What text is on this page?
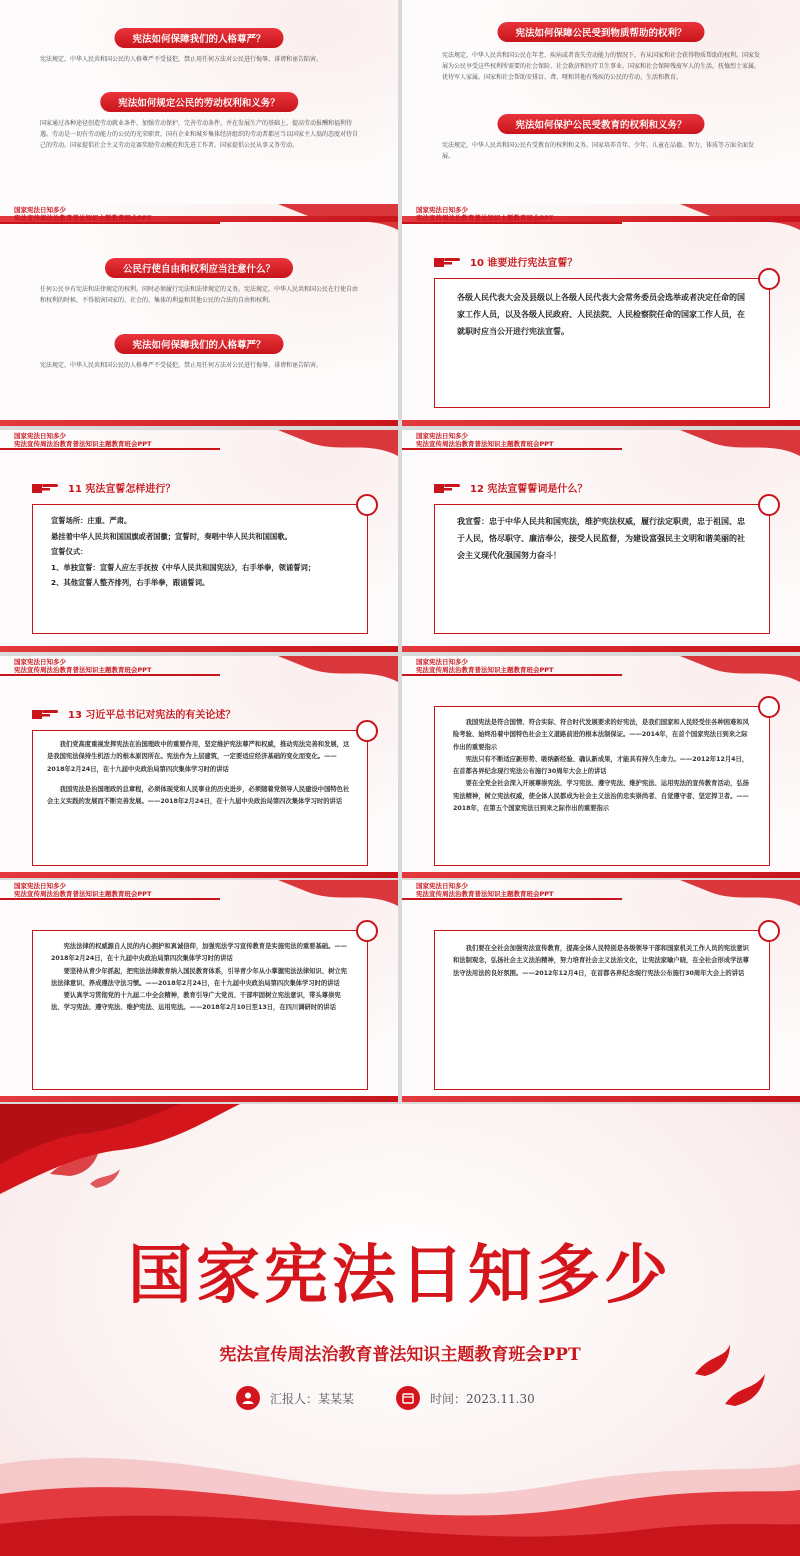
宪法如何保障我们的人格尊严？
宪法规定，中华人民共和国公民的人格尊严不受侵犯，禁止用任何方法对公民进行侮辱、诽谤和诬告陷害。
宪法如何规定公民的劳动权利和义务？
国家通过各种途径创造劳动就业条件，加强劳动保护，完善劳动条件，并在发展生产的基础上，提高劳动报酬和福利待遇。劳动是一切有劳动能力的公民的光荣职责。国有企业和城乡集体经济组织的劳动者都应当以国家主人翁的态度对待自己的劳动。国家提倡社会主义劳动竞赛奖励劳动模范和先进工作者。国家提倡公民从事义务劳动。
宪法如何保障公民受到物质帮助的权利？
宪法规定，中华人民共和国公民在年老、疾病或者丧失劳动能力的情况下，有从国家和社会获得物质帮助的权利。国家发展为公民享受这些权利所需要的社会保险、社会救济和医疗卫生事业。国家和社会保障残废军人的生活，抚恤烈士家属，优待军人家属。国家和社会帮助安排盲、聋、哑和其他有残疾的公民的劳动、生活和教育。
宪法如何保护公民受教育的权利和义务？
宪法规定，中华人民共和国公民有受教育的权利和义务。国家培养青年、少年、儿童在品德、智力、体质等方面全面发展。
国家宪法日知多少
宪法宣传周法治教育普法知识主题教育班会PPT
公民行使自由和权利应当注意什么？
任何公民享有宪法和法律规定的权利，同时必须履行宪法和法律规定的义务。宪法规定，中华人民共和国公民在行使自由和权利的时候，不得损害国家的、社会的、集体的利益和其他公民的合法的自由和权利。
宪法如何保障我们的人格尊严？
宪法规定，中华人民共和国公民的人格尊严不受侵犯，禁止用任何方法对公民进行侮辱、诽谤和诬告陷害。
国家宪法日知多少
宪法宣传周法治教育普法知识主题教育班会PPT
10 谁要进行宪法宣誓？
各级人民代表大会及县级以上各级人民代表大会常务委员会选举或者决定任命的国家工作人员，以及各级人民政府、人民法院、人民检察院任命的国家工作人员，在就职时应当公开进行宪法宣誓。
国家宪法日知多少
宪法宣传周法治教育普法知识主题教育班会PPT
11 宪法宣誓怎样进行？
宣誓场所：庄重、严肃。
悬挂着中华人民共和国国旗或者国徽；宣誓时，奏唱中华人民共和国国歌。
宣誓仪式：
1、单独宣誓：宣誓人应左手抚按《中华人民共和国宪法》，右手举拳，领诵誓词；
2、其他宣誓人整齐排列，右手举拳，跟诵誓词。
国家宪法日知多少
宪法宣传周法治教育普法知识主题教育班会PPT
12 宪法宣誓誓词是什么？
我宣誓：忠于中华人民共和国宪法，维护宪法权威，履行法定职责，忠于祖国、忠于人民，恪尽职守、廉洁奉公，接受人民监督，为建设富强民主文明和谐美丽的社会主义现代化强国努力奋斗！
国家宪法日知多少
宪法宣传周法治教育普法知识主题教育班会PPT
13 习近平总书记对宪法的有关论述？

我们党高度重视发挥宪法在治国理政中的重要作用，坚定维护宪法尊严和权威，推动宪法完善和发展，这是我国宪法保持生机活力的根本原因所在。宪法作为上层建筑，一定要适应经济基础的变化而变化。——2018年2月24日，在十九届中央政治局第四次集体学习时的讲话

我国宪法是治国理政的总章程，必须体现党和人民事业的历史进步，必须随着党领导人民建设中国特色社会主义实践的发展而不断完善发展。——2018年2月24日，在十九届中央政治局第四次集体学习时的讲话

国家宪法日知多少
宪法宣传周法治教育普法知识主题教育班会PPT

我国宪法是符合国情、符合实际、符合时代发展要求的好宪法，是我们国家和人民经受住各种困难和风险考验、始终沿着中国特色社会主义道路前进的根本法制保证。——2014年，在首个国家宪法日到来之际作出的重要指示

宪法只有不断适应新形势、吸纳新经验、确认新成果，才能具有持久生命力。——2012年12月4日，在首都各界纪念现行宪法公布施行30周年大会上的讲话

要在全党全社会深入开展尊崇宪法、学习宪法、遵守宪法、维护宪法、运用宪法的宣传教育活动，弘扬宪法精神，树立宪法权威，使全体人民都成为社会主义法治的忠实崇尚者、自觉遵守者、坚定捍卫者。——2018年，在第五个国家宪法日到来之际作出的重要指示

国家宪法日知多少
宪法宣传周法治教育普法知识主题教育班会PPT

宪法法律的权威源自人民的内心拥护和真诚信仰，加强宪法学习宣传教育是实施宪法的重要基础。——2018年2月24日，在十九届中央政治局第四次集体学习时的讲话

要坚持从青少年抓起，把宪法法律教育纳入国民教育体系，引导青少年从小掌握宪法法律知识、树立宪法法律意识、养成遵法守法习惯。——2018年2月24日，在十九届中央政治局第四次集体学习时的讲话

要认真学习贯彻党的十九届二中全会精神，教育引导广大党员、干部牢固树立宪法意识，带头尊崇宪法、学习宪法、遵守宪法、维护宪法、运用宪法。——2018年2月10日至13日，在四川调研时的讲话

国家宪法日知多少
宪法宣传周法治教育普法知识主题教育班会PPT
我们要在全社会加强宪法宣传教育，提高全体人民特别是各级领导干部和国家机关工作人员的宪法意识和法制观念，弘扬社会主义法治精神，努力培育社会主义法治文化，让宪法家喻户晓，在全社会形成学法尊法守法用法的良好氛围。——2012年12月4日，在首都各界纪念现行宪法公布施行30周年大会上的讲话
国家宪法日知多少
宪法宣传周法治教育普法知识主题教育班会PPT
汇报人：某某某	时间：2023.11.30
